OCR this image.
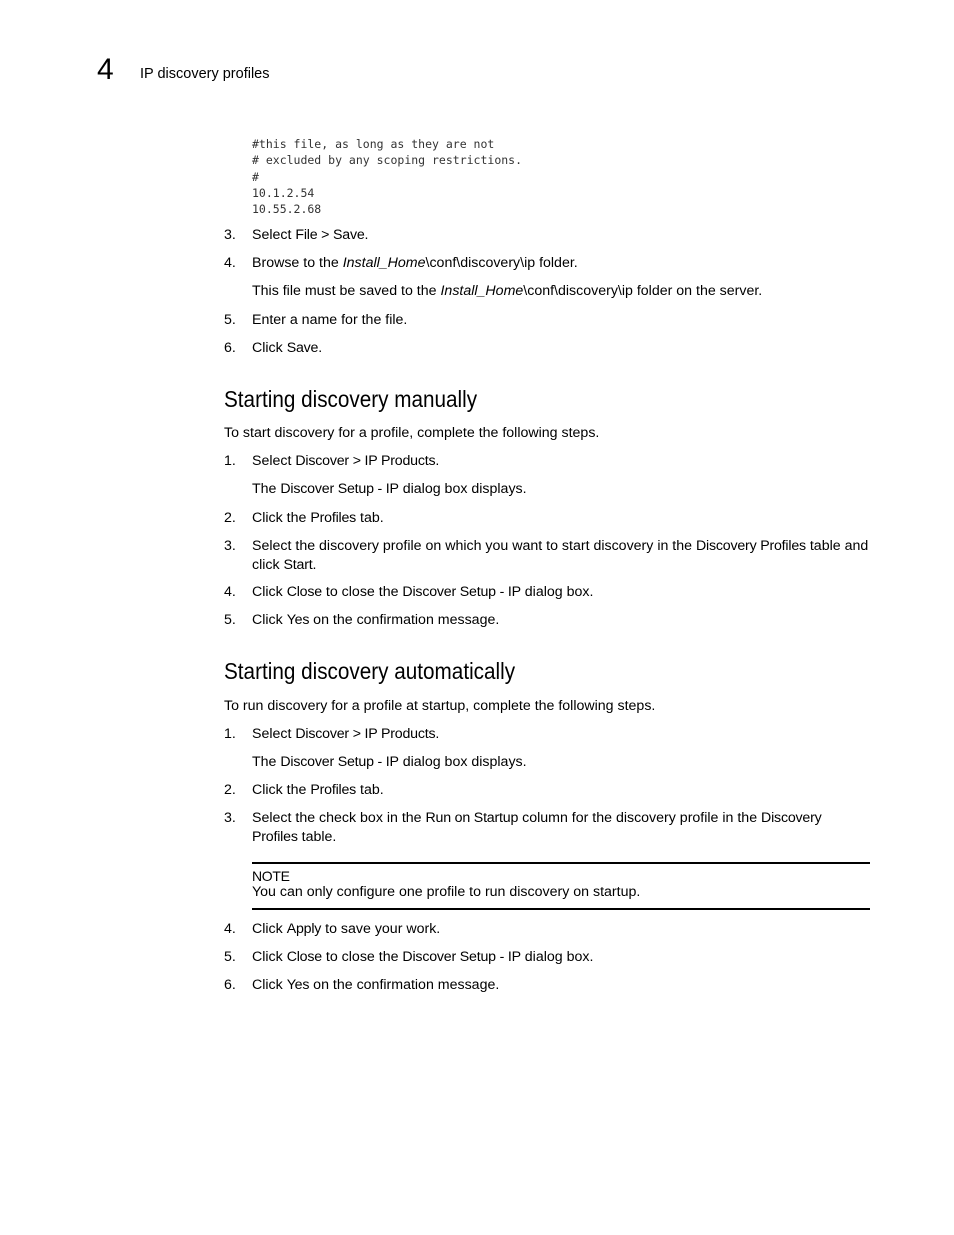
4 IP discovery profiles
#this file, as long as they are not
# excluded by any scoping restrictions.
#
10.1.2.54
10.55.2.68
3. Select File > Save.
4. Browse to the Install_Home\conf\discovery\ip folder.
This file must be saved to the Install_Home\conf\discovery\ip folder on the server.
5. Enter a name for the file.
6. Click Save.
Starting discovery manually
To start discovery for a profile, complete the following steps.
1. Select Discover > IP Products.
The Discover Setup - IP dialog box displays.
2. Click the Profiles tab.
3. Select the discovery profile on which you want to start discovery in the Discovery Profiles table and click Start.
4. Click Close to close the Discover Setup - IP dialog box.
5. Click Yes on the confirmation message.
Starting discovery automatically
To run discovery for a profile at startup, complete the following steps.
1. Select Discover > IP Products.
The Discover Setup - IP dialog box displays.
2. Click the Profiles tab.
3. Select the check box in the Run on Startup column for the discovery profile in the Discovery Profiles table.
NOTE
You can only configure one profile to run discovery on startup.
4. Click Apply to save your work.
5. Click Close to close the Discover Setup - IP dialog box.
6. Click Yes on the confirmation message.
